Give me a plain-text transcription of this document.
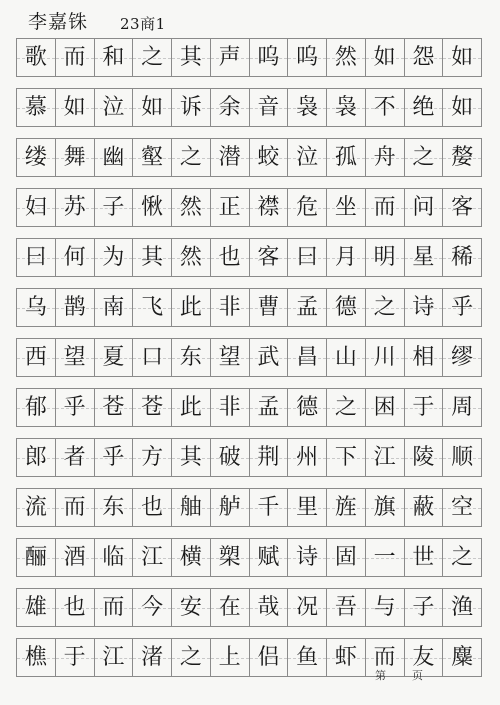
李嘉铢 23商1
歌 而 和 之 其 声 呜 呜 然 如 怨 如
慕 如 泣 如 诉 余 音 袅 袅 不 绝 如
缕 舞 幽 壑 之 潜 蛟 泣 孤 舟 之 嫠
妇 苏 子 愀 然 正 襟 危 坐 而 问 客
曰 何 为 其 然 也 客 曰 月 明 星 稀
乌 鹊 南 飞 此 非 曹 孟 德 之 诗 乎
西 望 夏 口 东 望 武 昌 山 川 相 缪
郁 乎 苍 苍 此 非 孟 德 之 困 于 周
郎 者 乎 方 其 破 荆 州 下 江 陵 顺
流 而 东 也 舳 舻 千 里 旌 旗 蔽 空
酾 酒 临 江 横 槊 赋 诗 固 一 世 之
雄 也 而 今 安 在 哉 况 吾 与 子 渔
樵 于 江 渚 之 上 侣 鱼 虾 而 友 麋
第 页
